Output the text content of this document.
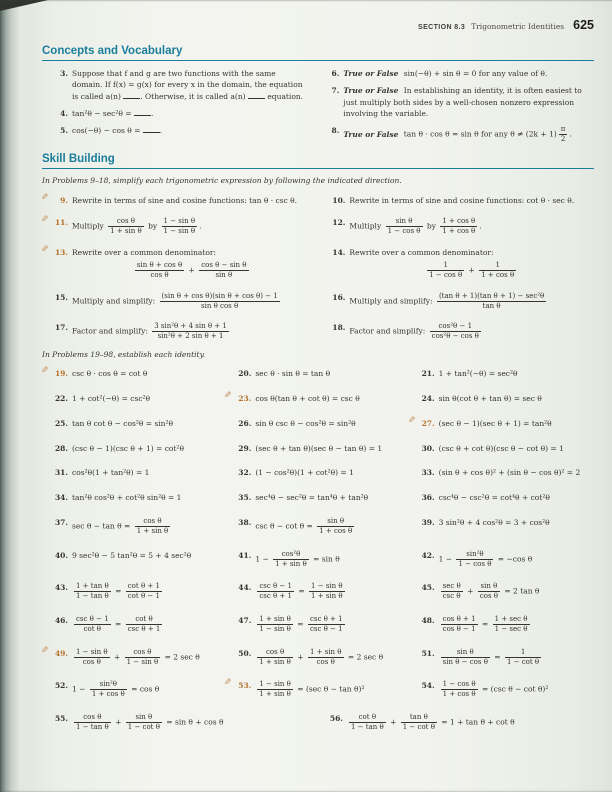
SECTION 8.3 Trigonometric Identities 625
Concepts and Vocabulary
3. Suppose that f and g are two functions with the same domain. If f(x) = g(x) for every x in the domain, the equation is called a(n) . Otherwise, it is called a(n)  equation.
4. tan²θ − sec²θ = .
5. cos(−θ) − cos θ = .
6. True or False sin(−θ) + sin θ = 0 for any value of θ.
7. True or False In establishing an identity, it is often easiest to just multiply both sides by a well-chosen nonzero expression involving the variable.
8. True or False tan θ · cos θ = sin θ for any $\theta \ne (2k + 1) \frac{\pi}{2}$ .
Skill Building

In Problems 9–18, simplify each trigonometric expression by following the indicated direction.

✎	9. Rewrite in terms of sine and cosine functions: tan θ · csc θ.	10. Rewrite in terms of sine and cosine functions: cot θ · sec θ.
✎ 11. Multiply $\frac{\text{cos θ}}{\text{1 + sin θ}}$ by $\frac{\text{1 − sin θ}}{\text{1 − sin θ}}$ .	12. Multiply $\frac{\text{sin θ}}{\text{1 − cos θ}}$ by $\frac{\text{1 + cos θ}}{\text{1 + cos θ}}$ .
✎ 13. Rewrite over a common denominator:
$\frac{\text{sin θ + cos θ}}{\text{cos θ}} + \frac{\text{cos θ − sin θ}}{\text{sin θ}}$
14. Rewrite over a common denominator:
$\frac{1}{\text{1 − cos θ}} + \frac{1}{\text{1 + cos θ}}$
15. Multiply and simplify: $\frac{\text{(sin θ + cos θ)(sin θ + cos θ) − 1}}{\text{sin θ cos θ}}$	16. Multiply and simplify: $\frac{\text{(tan θ + 1)(tan θ + 1) − sec²θ}}{\text{tan θ}}$
17. Factor and simplify: $\frac{\text{3 sin²θ + 4 sin θ + 1}}{\text{sin²θ + 2 sin θ + 1}}$	18. Factor and simplify: $\frac{\text{cos²θ − 1}}{\text{cos²θ − cos θ}}$

In Problems 19–98, establish each identity.

✎ 19. csc θ · cos θ = cot θ	20. sec θ · sin θ = tan θ	21. 1 + tan²(−θ) = sec²θ
22. 1 + cot²(−θ) = csc²θ	✎ 23. cos θ(tan θ + cot θ) = csc θ	24. sin θ(cot θ + tan θ) = sec θ
25. tan θ cot θ − cos²θ = sin²θ	26. sin θ csc θ − cos²θ = sin²θ	✎ 27. (sec θ − 1)(sec θ + 1) = tan²θ
28. (csc θ − 1)(csc θ + 1) = cot²θ	29. (sec θ + tan θ)(sec θ − tan θ) = 1	30. (csc θ + cot θ)(csc θ − cot θ) = 1
31. cos²θ(1 + tan²θ) = 1	32. (1 − cos²θ)(1 + cot²θ) = 1	33. (sin θ + cos θ)² + (sin θ − cos θ)² = 2
34. tan²θ cos²θ + cot²θ sin²θ = 1	35. sec⁴θ − sec²θ = tan⁴θ + tan²θ	36. csc⁴θ − csc²θ = cot⁴θ + cot²θ
37. $\sec \theta - \tan \theta = \frac{\text{cos θ}}{\text{1 + sin θ}}$	38. $\csc \theta - \cot \theta = \frac{\text{sin θ}}{\text{1 + cos θ}}$	39. 3 sin²θ + 4 cos²θ = 3 + cos²θ
40. 9 sec²θ − 5 tan²θ = 5 + 4 sec²θ	41. $1 - \frac{\text{cos²θ}}{\text{1 + sin θ}} = \sin \theta$	42. $1 - \frac{\text{sin²θ}}{\text{1 − cos θ}} = -\cos$ θ
43. $\frac{\text{1 + tan θ}}{\text{1 − tan θ}} = \frac{\text{cot θ + 1}}{\text{cot θ − 1}}$	44. $\frac{\text{csc θ − 1}}{\text{csc θ + 1}} = \frac{\text{1 − sin θ}}{\text{1 + sin θ}}$	45. $\frac{\text{sec θ}}{\text{csc θ}} + \frac{\text{sin θ}}{\text{cos θ}} = 2$ tan θ
46. $\frac{\text{csc θ − 1}}{\text{cot θ}} = \frac{\text{cot θ}}{\text{csc θ + 1}}$	47. $\frac{\text{1 + sin θ}}{\text{1 − sin θ}} = \frac{\text{csc θ + 1}}{\text{csc θ − 1}}$	48. $\frac{\text{cos θ + 1}}{\text{cos θ − 1}} = \frac{\text{1 + sec θ}}{\text{1 − sec θ}}$
✎ 49. $\frac{\text{1 − sin θ}}{\text{cos θ}} + \frac{\text{cos θ}}{\text{1 − sin θ}} = 2$ sec θ	50. $\frac{\text{cos θ}}{\text{1 + sin θ}} + \frac{\text{1 + sin θ}}{\text{cos θ}} = 2$ sec θ	51. $\frac{\text{sin θ}}{\text{sin θ − cos θ}} = \frac{1}{\text{1 − cot θ}}$
52. $1 - \frac{\text{sin²θ}}{\text{1 + cos θ}} = \cos \theta$
✎ 53. $\frac{\text{1 − sin θ}}{\text{1 + sin θ}} = (\sec$ θ − tan θ)²	54. $\frac{\text{1 − cos θ}}{\text{1 + cos θ}} = (\csc$ θ − cot θ)²
55. $\frac{\text{cos θ}}{\text{1 − tan θ}} + \frac{\text{sin θ}}{\text{1 − cot θ}} = \sin \theta + \cos \theta$	56. $\frac{\text{cot θ}}{\text{1 − tan θ}} + \frac{\text{tan θ}}{\text{1 − cot θ}} = 1 + \tan \theta + \cot \theta$
